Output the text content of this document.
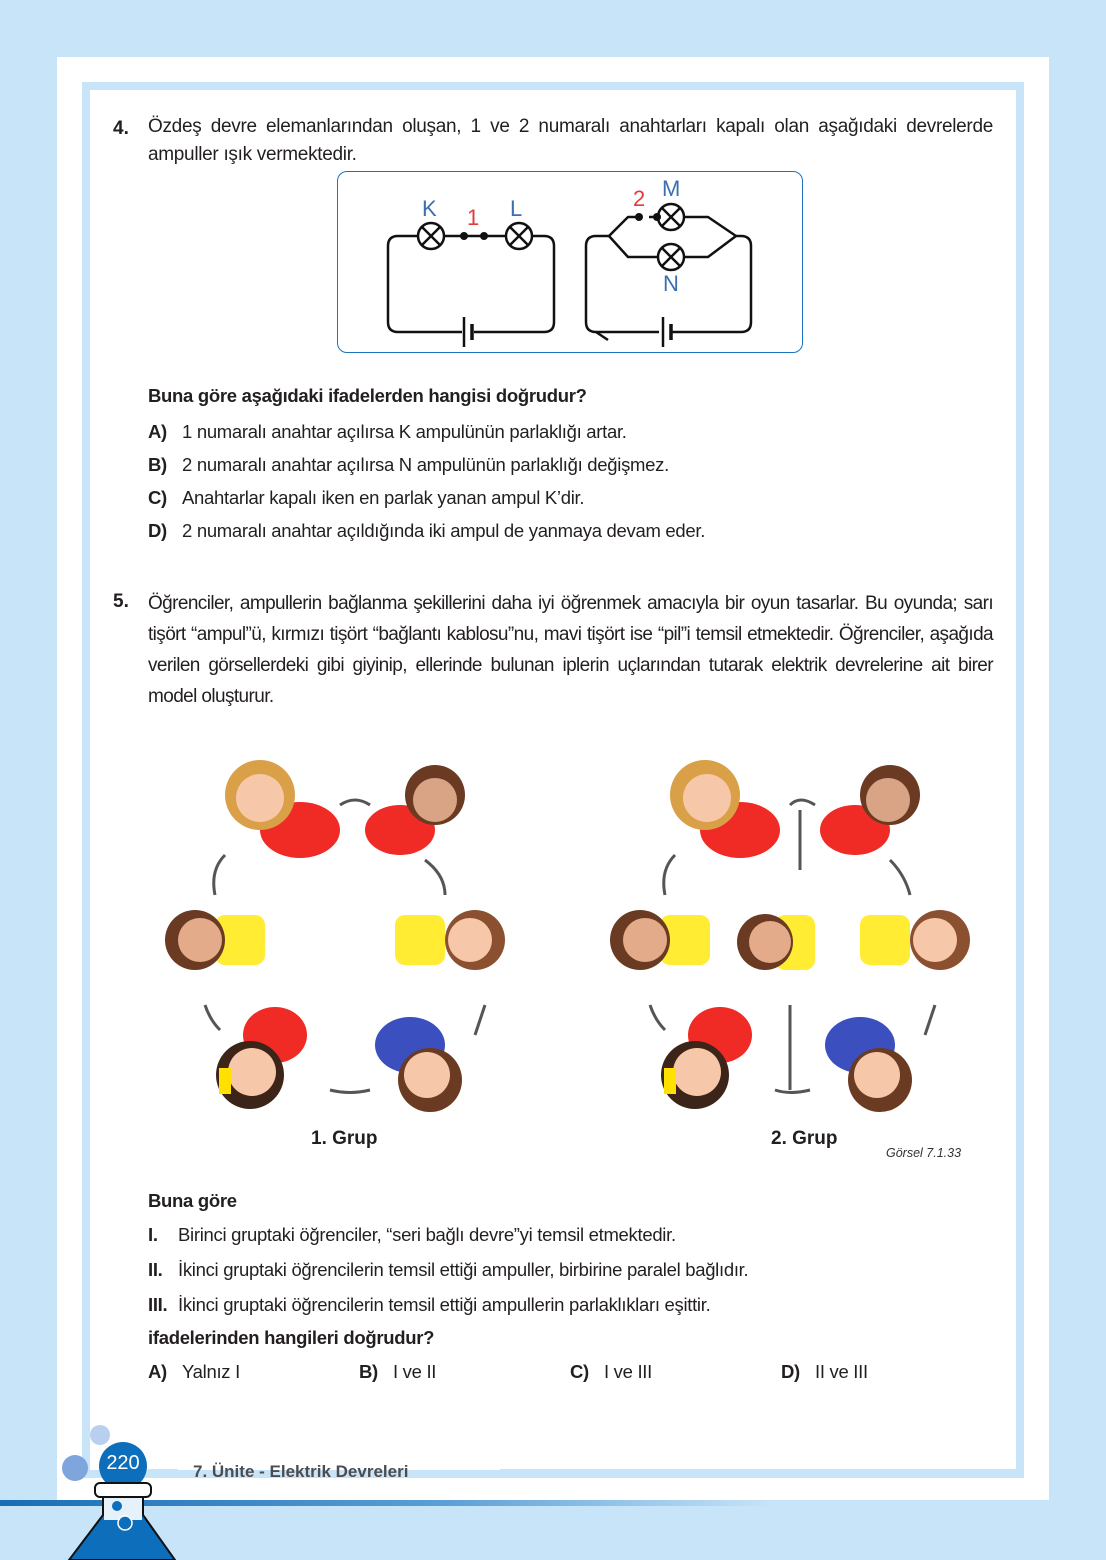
4. Özdeş devre elemanlarından oluşan, 1 ve 2 numaralı anahtarları kapalı olan aşağıdaki devrelerde ampuller ışık vermektedir.
K	L
1
2 M
N
Buna göre aşağıdaki ifadelerden hangisi doğrudur?
A) 1 numaralı anahtar açılırsa K ampulünün parlaklığı artar.
B) 2 numaralı anahtar açılırsa N ampulünün parlaklığı değişmez.
C) Anahtarlar kapalı iken en parlak yanan ampul K’dir.
D) 2 numaralı anahtar açıldığında iki ampul de yanmaya devam eder.
5. Öğrenciler, ampullerin bağlanma şekillerini daha iyi öğrenmek amacıyla bir oyun tasarlar. Bu oyunda; sarı tişört “ampul”ü, kırmızı tişört “bağlantı kablosu”nu, mavi tişört ise “pil”i temsil etmektedir. Öğrenciler, aşağıda verilen görsellerdeki gibi giyinip, ellerinde bulunan iplerin uçlarından tutarak elektrik devrelerine ait birer model oluşturur.
1. Grup	2. Grup
Görsel 7.1.33
Buna göre
I. Birinci gruptaki öğrenciler, “seri bağlı devre”yi temsil etmektedir.
II. İkinci gruptaki öğrencilerin temsil ettiği ampuller, birbirine paralel bağlıdır.
III. İkinci gruptaki öğrencilerin temsil ettiği ampullerin parlaklıkları eşittir.
ifadelerinden hangileri doğrudur?
A) Yalnız I	B) I ve II	C) I ve III	D) II ve III
220	7. Ünite - Elektrik Devreleri
